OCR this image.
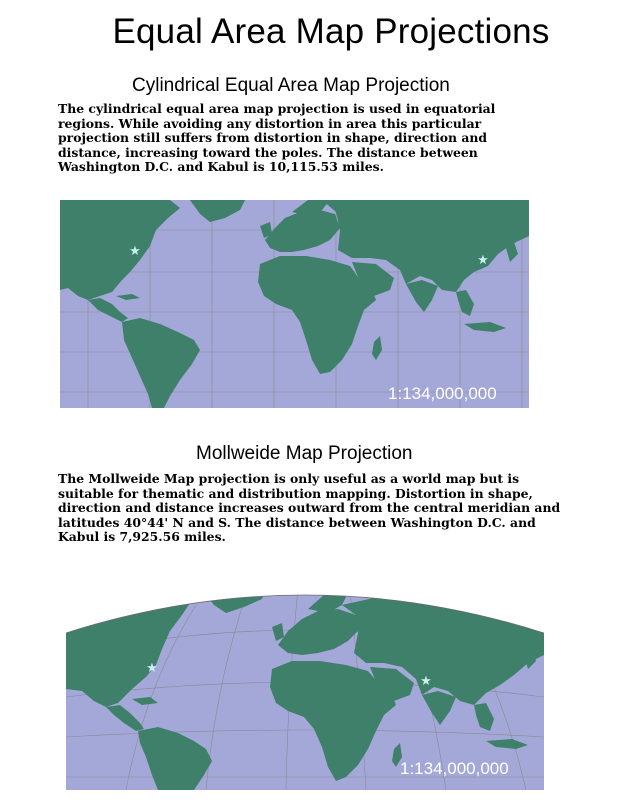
Equal Area Map Projections
Cylindrical Equal Area Map Projection

The cylindrical equal area map projection is used in equatorial regions. While avoiding any distortion in area this particular projection still suffers from distortion in shape, direction and distance, increasing toward the poles. The distance between Washington D.C. and Kabul is 10,115.53 miles.

★
★
1:134,000,000
Mollweide Map Projection

The Mollweide Map projection is only useful as a world map but is suitable for thematic and distribution mapping. Distortion in shape, direction and distance increases outward from the central meridian and latitudes 40°44' N and S. The distance between Washington D.C. and Kabul is 7,925.56 miles.

★
★
1:134,000,000
